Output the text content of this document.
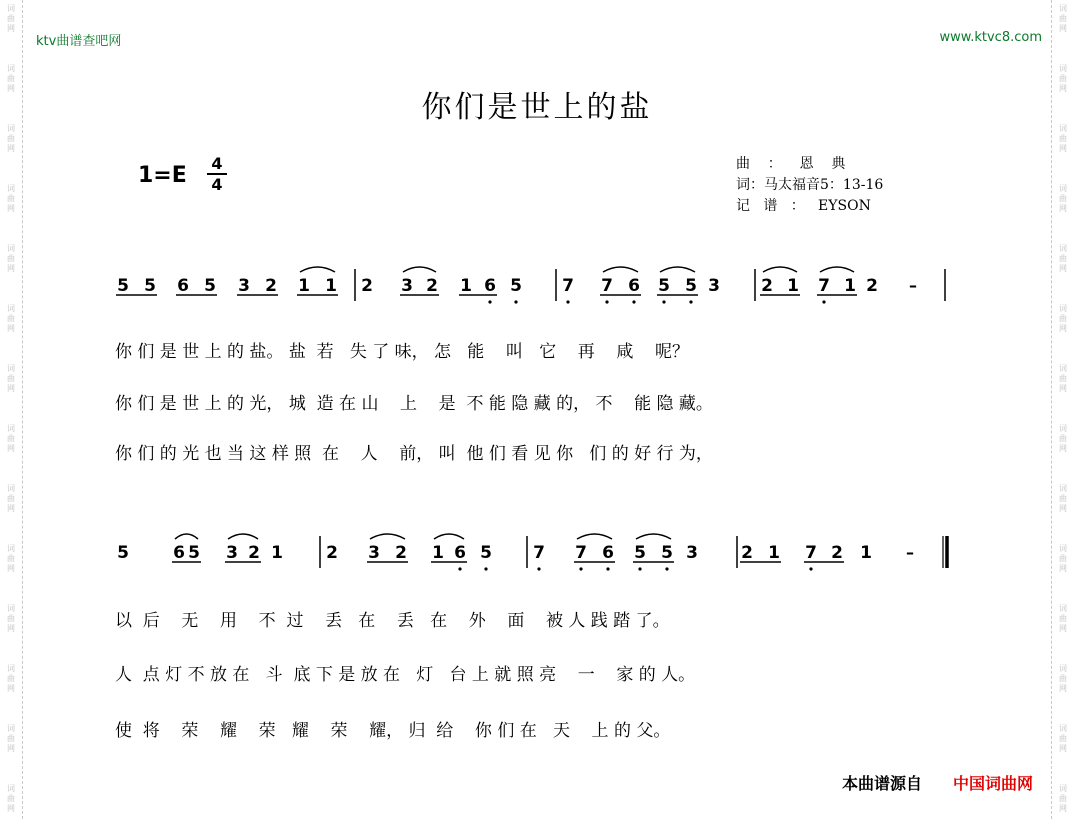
词
曲
网
词
曲
网
词
曲
网
词
曲
网
词
曲
网
词
曲
网
词
曲
网
词
曲
网
词
曲
网
词
曲
网
词
曲
网
词
曲
网
词
曲
网
词
曲
网
词
曲
网
词
曲
网
词
曲
网
词
曲
网
词
曲
网
词
曲
网
词
曲
网
词
曲
网
词
曲
网
词
曲
网
词
曲
网
词
曲
网
词
曲
网
词
曲
网
ktv曲谱查吧网	www.ktvc8.com
你们是世上的盐
1=E 4
4
曲    ：    恩    典
词：马太福音5：13-16
记   谱   ：   EYSON
5 5 6 5 3 2 1 1 2 3 2 1 6 5 7 7 6 5 5 3 2 1 7 1 2 –
5	6 5 3 2 1	2 3 2 1 6 5 7 7 6 5 5 3	2 1 7 2 1 –
你 们 是 世 上 的 盐。 盐  若   失 了 味， 怎   能    叫   它    再    咸    呢？
你 们 是 世 上 的 光， 城  造 在 山    上    是  不 能 隐 藏 的， 不    能 隐 藏。
你 们 的 光 也 当 这 样 照  在    人    前， 叫  他 们 看 见 你   们 的 好 行 为，
以  后    无    用    不  过    丢   在    丢   在    外    面    被 人 践 踏 了。
人  点 灯 不 放 在   斗  底 下 是 放 在   灯   台 上 就 照 亮    一    家 的 人。
使  将    荣    耀    荣   耀    荣    耀， 归  给    你 们 在   天    上 的 父。
本曲谱源自 中国词曲网
